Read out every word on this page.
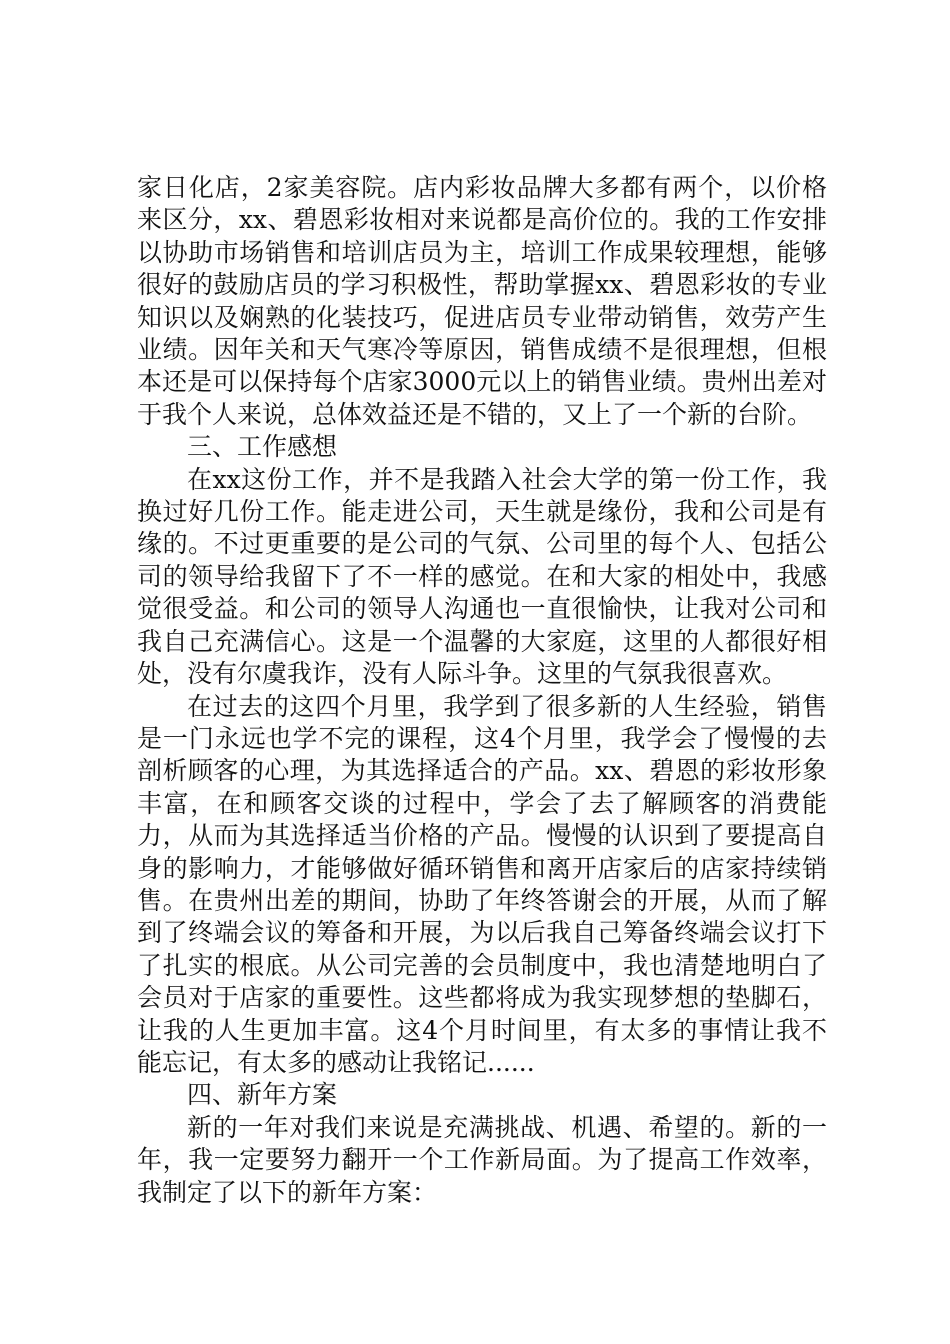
家日化店，2家美容院。店内彩妆品牌大多都有两个，以价格来区分，xx、碧恩彩妆相对来说都是高价位的。我的工作安排以协助市场销售和培训店员为主，培训工作成果较理想，能够很好的鼓励店员的学习积极性，帮助掌握xx、碧恩彩妆的专业知识以及娴熟的化装技巧，促进店员专业带动销售，效劳产生业绩。因年关和天气寒冷等原因，销售成绩不是很理想，但根本还是可以保持每个店家3000元以上的销售业绩。贵州出差对于我个人来说，总体效益还是不错的，又上了一个新的台阶。

三、工作感想

在xx这份工作，并不是我踏入社会大学的第一份工作，我换过好几份工作。能走进公司，天生就是缘份，我和公司是有缘的。不过更重要的是公司的气氛、公司里的每个人、包括公司的领导给我留下了不一样的感觉。在和大家的相处中，我感觉很受益。和公司的领导人沟通也一直很愉快，让我对公司和我自己充满信心。这是一个温馨的大家庭，这里的人都很好相处，没有尔虞我诈，没有人际斗争。这里的气氛我很喜欢。

在过去的这四个月里，我学到了很多新的人生经验，销售是一门永远也学不完的课程，这4个月里，我学会了慢慢的去剖析顾客的心理，为其选择适合的产品。xx、碧恩的彩妆形象丰富，在和顾客交谈的过程中，学会了去了解顾客的消费能力，从而为其选择适当价格的产品。慢慢的认识到了要提高自身的影响力，才能够做好循环销售和离开店家后的店家持续销售。在贵州出差的期间，协助了年终答谢会的开展，从而了解到了终端会议的筹备和开展，为以后我自己筹备终端会议打下了扎实的根底。从公司完善的会员制度中，我也清楚地明白了会员对于店家的重要性。这些都将成为我实现梦想的垫脚石，让我的人生更加丰富。这4个月时间里，有太多的事情让我不能忘记，有太多的感动让我铭记......

四、新年方案

新的一年对我们来说是充满挑战、机遇、希望的。新的一年，我一定要努力翻开一个工作新局面。为了提高工作效率，我制定了以下的新年方案：
